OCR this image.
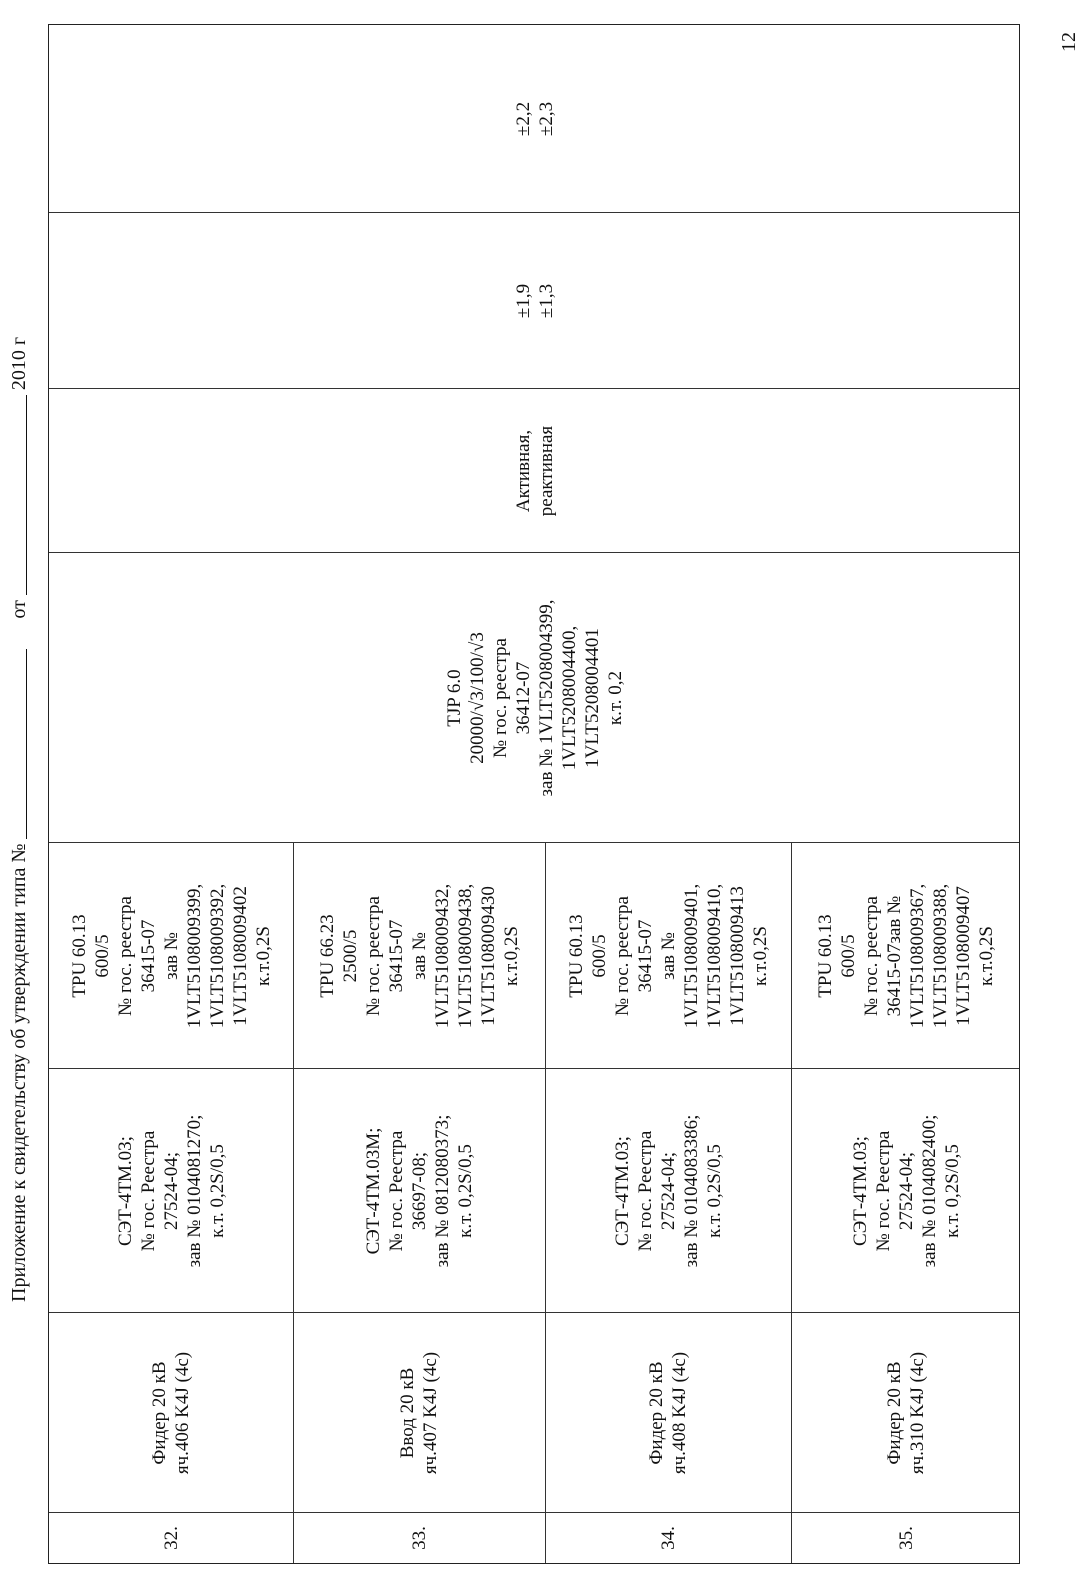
Приложение к свидетельству об утверждении типа №   от  2010 г
Фидер 20 кВ
яч.406 K4J (4c)
32.
СЭТ-4ТМ.03;
№ гос. Реестра
27524-04;
зав № 0104081270;
к.т. 0,2S/0,5
TPU 60.13
600/5
№ гос. реестра
36415-07
зав №
1VLT5108009399,
1VLT5108009392,
1VLT5108009402
к.т.0,2S
33.
Ввод 20 кВ
яч.407 K4J (4c)
СЭТ-4ТМ.03М;
№ гос. Реестра
36697-08;
зав № 0812080373;
к.т. 0,2S/0,5
TPU 66.23
2500/5
№ гос. реестра
36415-07
зав №
1VLT5108009432,
1VLT5108009438,
1VLT5108009430
к.т.0,2S
34.
Фидер 20 кВ
яч.408 K4J (4c)
СЭТ-4ТМ.03;
№ гос. Реестра
27524-04;
зав № 0104083386;
к.т. 0,2S/0,5
TPU 60.13
600/5
№ гос. реестра
36415-07
зав №
1VLT5108009401,
1VLT5108009410,
1VLT5108009413
к.т.0,2S
35.
Фидер 20 кВ
яч.310 K4J (4c)
СЭТ-4ТМ.03;
№ гос. Реестра
27524-04;
зав № 0104082400;
к.т. 0,2S/0,5
TPU 60.13
600/5
№ гос. реестра
36415-07зав №
1VLT5108009367,
1VLT5108009388,
1VLT5108009407
к.т.0,2S
TJP 6.0
20000/√3/100/√3
№ гос. реестра
36412-07
зав № 1VLT5208004399,
1VLT5208004400,
1VLT5208004401
к.т. 0,2
Активная,
реактивная
±1,9
±1,3
±2,2
±2,3
12
